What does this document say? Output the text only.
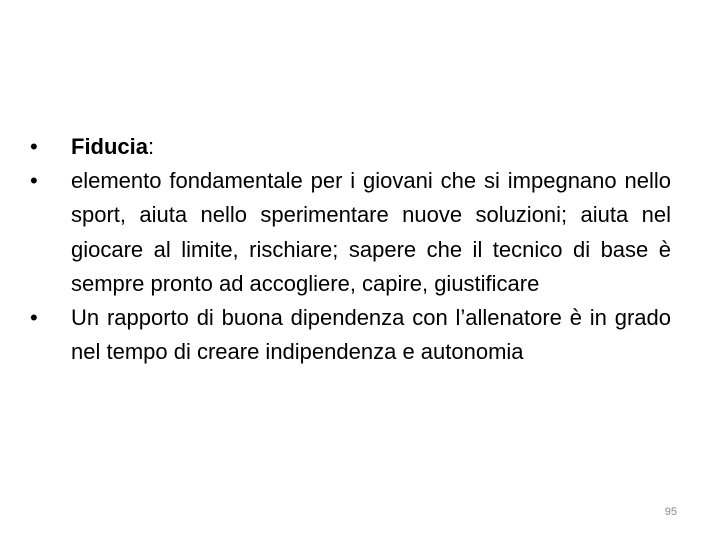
•	Fiducia:
•	elemento fondamentale per i giovani che si impegnano nello sport, aiuta nello sperimentare nuove soluzioni; aiuta nel giocare al limite, rischiare; sapere che il tecnico di base è sempre pronto ad accogliere, capire, giustificare
•	Un rapporto di buona dipendenza con l’allenatore è in grado nel tempo di creare indipendenza e autonomia
95
